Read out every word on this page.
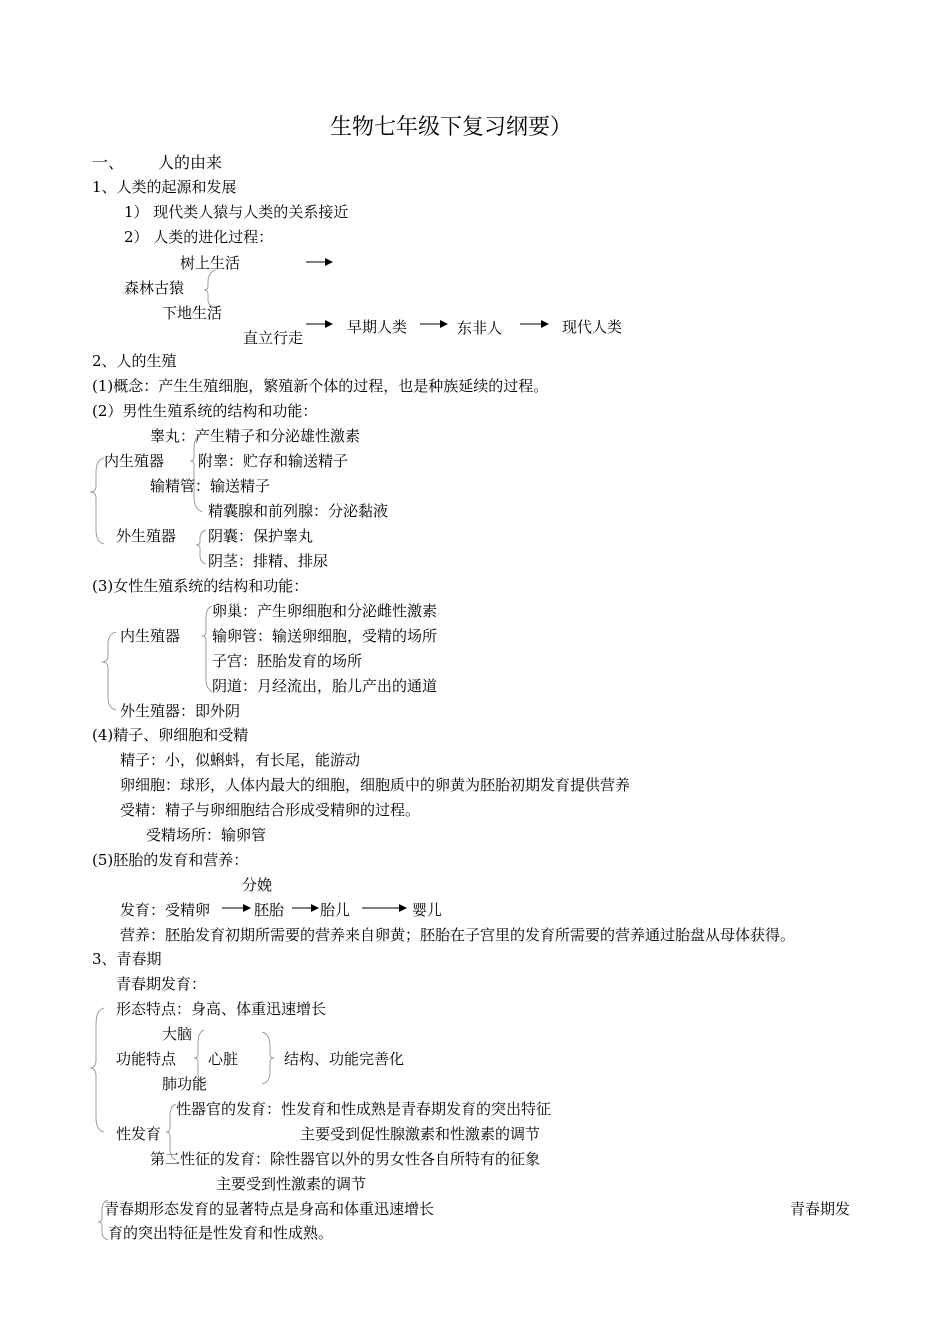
生物七年级下复习纲要）
一、 人的由来
1、人类的起源和发展
1） 现代类人猿与人类的关系接近
2） 人类的进化过程：
树上生活
森林古猿
下地生活
直立行走
早期人类	东非人	现代人类
2、人的生殖
(1)概念：产生生殖细胞，繁殖新个体的过程，也是种族延续的过程。
(2）男性生殖系统的结构和功能：
睾丸：产生精子和分泌雄性激素
内生殖器 附睾：贮存和输送精子
输精管：输送精子
精囊腺和前列腺：分泌黏液
外生殖器 阴囊：保护睾丸
阴茎：排精、排尿
(3)女性生殖系统的结构和功能：
卵巢：产生卵细胞和分泌雌性激素
内生殖器 输卵管：输送卵细胞，受精的场所
子宫：胚胎发育的场所
阴道：月经流出，胎儿产出的通道
外生殖器：即外阴
(4)精子、卵细胞和受精
精子：小，似蝌蚪，有长尾，能游动
卵细胞：球形，人体内最大的细胞，细胞质中的卵黄为胚胎初期发育提供营养
受精：精子与卵细胞结合形成受精卵的过程。
受精场所：输卵管
(5)胚胎的发育和营养：
分娩
发育：受精卵	胚胎 胎儿	婴儿
营养：胚胎发育初期所需要的营养来自卵黄；胚胎在子宫里的发育所需要的营养通过胎盘从母体获得。
3、青春期
青春期发育：
形态特点：身高、体重迅速增长
大脑
功能特点 心脏	结构、功能完善化
肺功能
性器官的发育：性发育和性成熟是青春期发育的突出特征
性发育	主要受到促性腺激素和性激素的调节
第二性征的发育：除性器官以外的男女性各自所特有的征象
主要受到性激素的调节
青春期形态发育的显著特点是身高和体重迅速增长	青春期发
育的突出特征是性发育和性成熟。
